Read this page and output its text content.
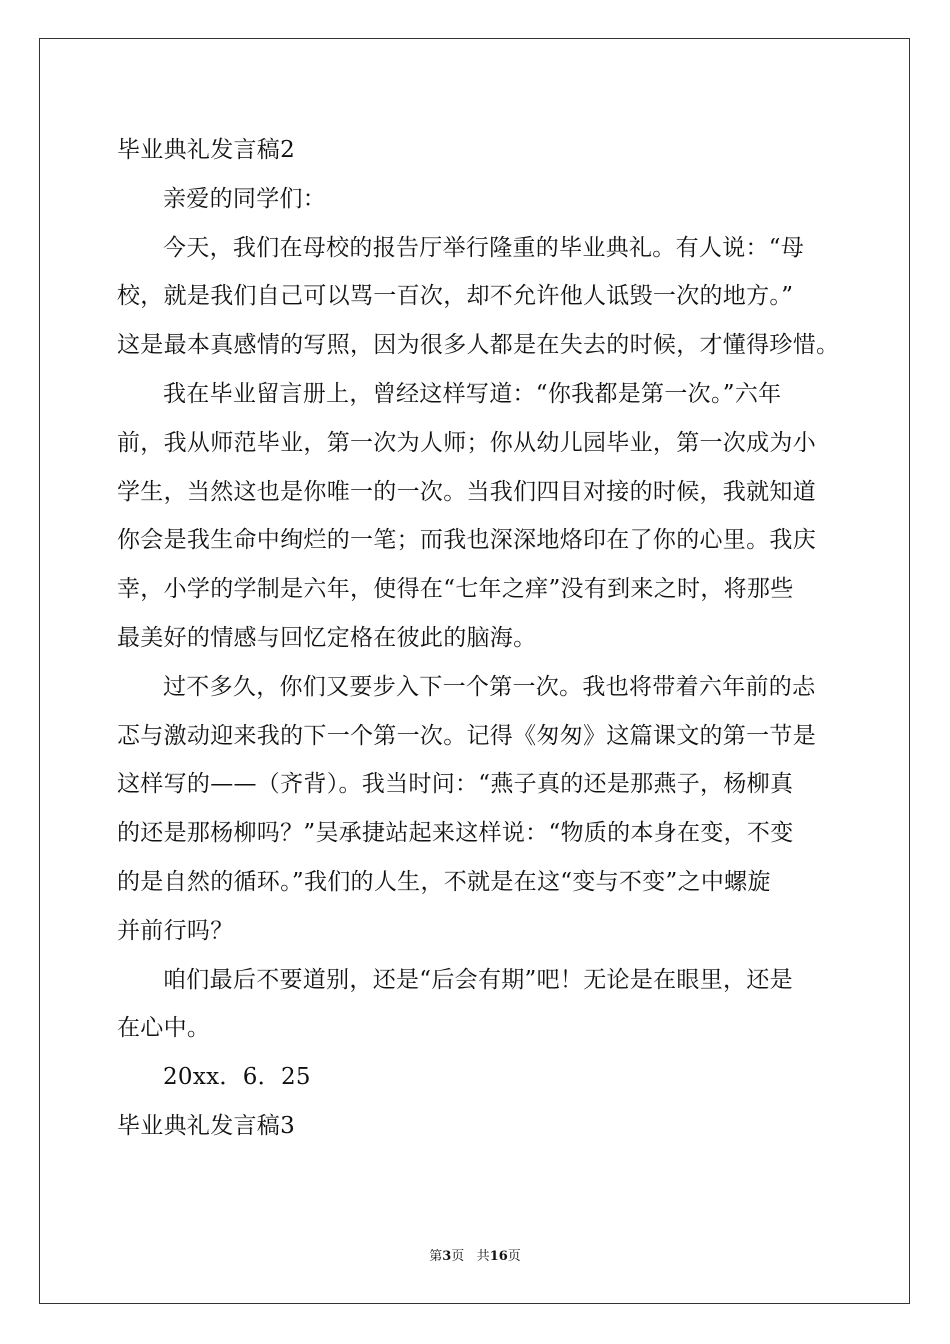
毕业典礼发言稿2
亲爱的同学们：
今天，我们在母校的报告厅举行隆重的毕业典礼。有人说：“母
校，就是我们自己可以骂一百次，却不允许他人诋毁一次的地方。”
这是最本真感情的写照，因为很多人都是在失去的时候，才懂得珍惜。
我在毕业留言册上，曾经这样写道：“你我都是第一次。”六年
前，我从师范毕业，第一次为人师；你从幼儿园毕业，第一次成为小
学生，当然这也是你唯一的一次。当我们四目对接的时候，我就知道
你会是我生命中绚烂的一笔；而我也深深地烙印在了你的心里。我庆
幸，小学的学制是六年，使得在“七年之痒”没有到来之时，将那些
最美好的情感与回忆定格在彼此的脑海。
过不多久，你们又要步入下一个第一次。我也将带着六年前的忐
忑与激动迎来我的下一个第一次。记得《匆匆》这篇课文的第一节是
这样写的——（齐背）。我当时问：“燕子真的还是那燕子，杨柳真
的还是那杨柳吗？”吴承捷站起来这样说：“物质的本身在变，不变
的是自然的循环。”我们的人生，不就是在这“变与不变”之中螺旋
并前行吗？
咱们最后不要道别，还是“后会有期”吧！无论是在眼里，还是
在心中。
20xx．6．25
毕业典礼发言稿3
第3页 共16页
